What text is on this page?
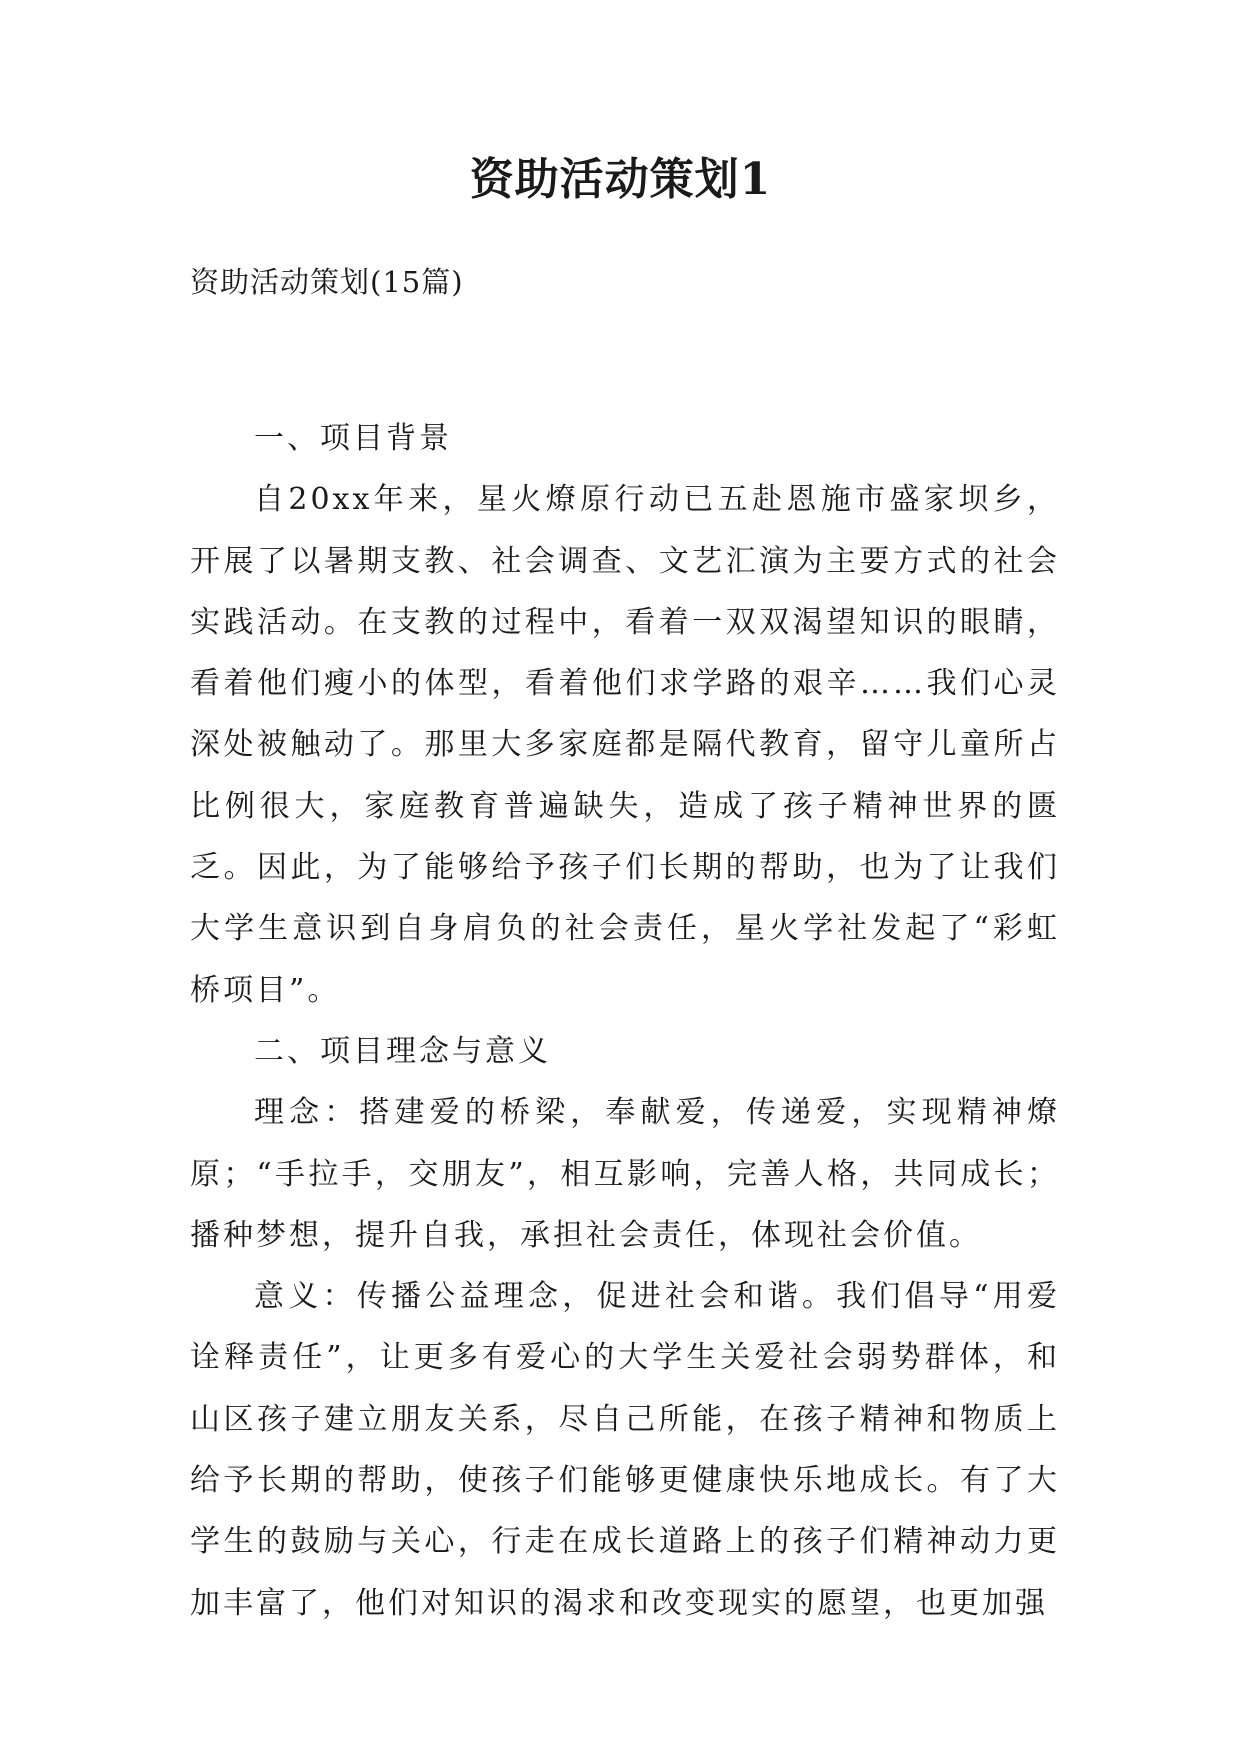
资助活动策划1
资助活动策划(15篇)

一、项目背景

自20xx年来，星火燎原行动已五赴恩施市盛家坝乡，开展了以暑期支教、社会调查、文艺汇演为主要方式的社会实践活动。在支教的过程中，看着一双双渴望知识的眼睛，看着他们瘦小的体型，看着他们求学路的艰辛……我们心灵深处被触动了。那里大多家庭都是隔代教育，留守儿童所占比例很大，家庭教育普遍缺失，造成了孩子精神世界的匮乏。因此，为了能够给予孩子们长期的帮助，也为了让我们大学生意识到自身肩负的社会责任，星火学社发起了“彩虹桥项目”。

二、项目理念与意义

理念：搭建爱的桥梁，奉献爱，传递爱，实现精神燎原；“手拉手，交朋友”，相互影响，完善人格，共同成长；播种梦想，提升自我，承担社会责任，体现社会价值。

意义：传播公益理念，促进社会和谐。我们倡导“用爱诠释责任”，让更多有爱心的大学生关爱社会弱势群体，和山区孩子建立朋友关系，尽自己所能，在孩子精神和物质上给予长期的帮助，使孩子们能够更健康快乐地成长。有了大学生的鼓励与关心，行走在成长道路上的孩子们精神动力更加丰富了，他们对知识的渴求和改变现实的愿望，也更加强
